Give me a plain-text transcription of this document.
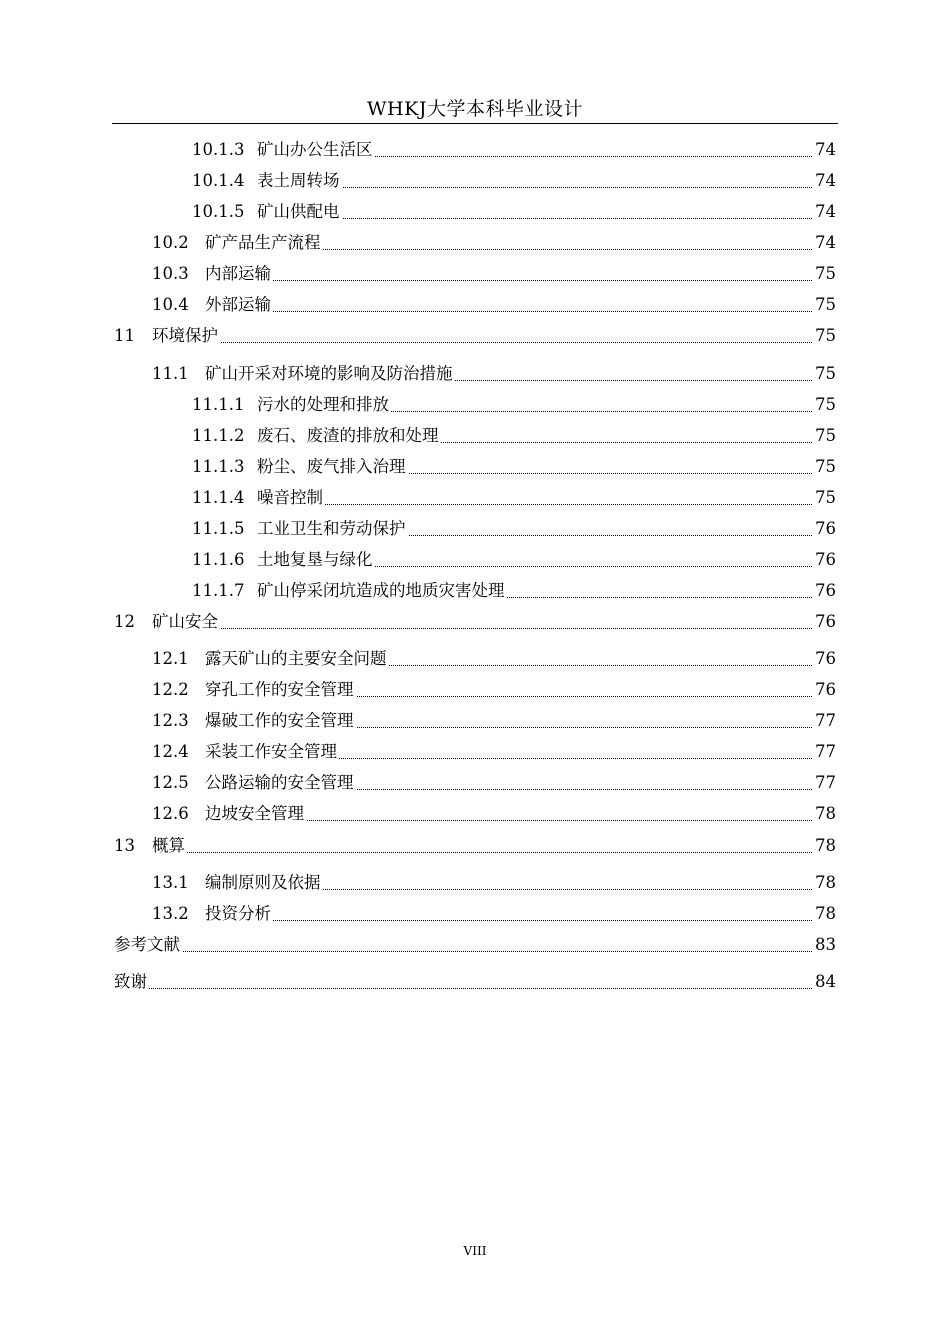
WHKJ大学本科毕业设计
10.1.3 矿山办公生活区	74
10.1.4 表土周转场	74
10.1.5 矿山供配电	74
10.2 矿产品生产流程	74
10.3 内部运输	75
10.4 外部运输	75
11 环境保护	75
11.1 矿山开采对环境的影响及防治措施	75
11.1.1 污水的处理和排放	75
11.1.2 废石、废渣的排放和处理	75
11.1.3 粉尘、废气排入治理	75
11.1.4 噪音控制	75
11.1.5 工业卫生和劳动保护	76
11.1.6 土地复垦与绿化	76
11.1.7 矿山停采闭坑造成的地质灾害处理	76
12 矿山安全	76
12.1 露天矿山的主要安全问题	76
12.2 穿孔工作的安全管理	76
12.3 爆破工作的安全管理	77
12.4 采装工作安全管理	77
12.5 公路运输的安全管理	77
12.6 边坡安全管理	78
13 概算	78
13.1 编制原则及依据	78
13.2 投资分析	78
参考文献	83
致谢	84
VIII
